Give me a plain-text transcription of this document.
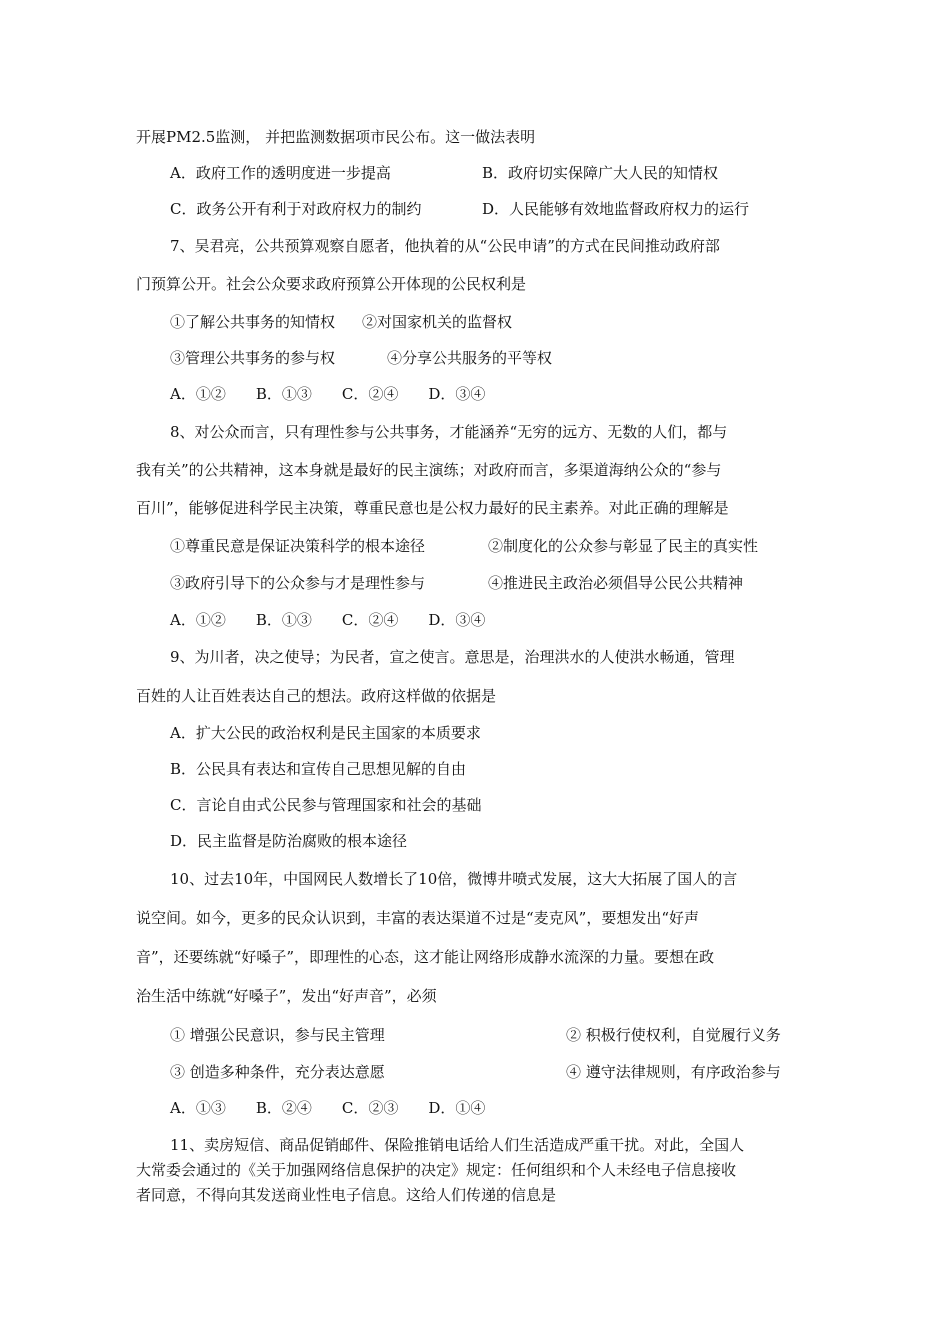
开展PM2.5监测， 并把监测数据项市民公布。这一做法表明
A．政府工作的透明度进一步提高	B．政府切实保障广大人民的知情权
C．政务公开有利于对政府权力的制约	D．人民能够有效地监督政府权力的运行
7、吴君亮，公共预算观察自愿者，他执着的从“公民申请”的方式在民间推动政府部
门预算公开。社会公众要求政府预算公开体现的公民权利是
①了解公共事务的知情权 ②对国家机关的监督权
③管理公共事务的参与权	④分享公共服务的平等权
A．①②　　B．①③　　C．②④　　D．③④
8、对公众而言，只有理性参与公共事务，才能涵养“无穷的远方、无数的人们，都与
我有关”的公共精神，这本身就是最好的民主演练；对政府而言，多渠道海纳公众的“参与
百川”，能够促进科学民主决策，尊重民意也是公权力最好的民主素养。对此正确的理解是
①尊重民意是保证决策科学的根本途径	②制度化的公众参与彰显了民主的真实性
③政府引导下的公众参与才是理性参与	④推进民主政治必须倡导公民公共精神
A．①②　　B．①③　　C．②④　　D．③④
9、为川者，决之使导；为民者，宣之使言。意思是，治理洪水的人使洪水畅通，管理
百姓的人让百姓表达自己的想法。政府这样做的依据是
A．扩大公民的政治权利是民主国家的本质要求
B．公民具有表达和宣传自己思想见解的自由
C．言论自由式公民参与管理国家和社会的基础
D．民主监督是防治腐败的根本途径
10、过去10年，中国网民人数增长了10倍，微博井喷式发展，这大大拓展了国人的言
说空间。如今，更多的民众认识到，丰富的表达渠道不过是“麦克风”，要想发出“好声
音”，还要练就“好嗓子”，即理性的心态，这才能让网络形成静水流深的力量。要想在政
治生活中练就“好嗓子”，发出“好声音”，必须
① 增强公民意识，参与民主管理	② 积极行使权利，自觉履行义务
③ 创造多种条件，充分表达意愿	④ 遵守法律规则，有序政治参与
A．①③　　B．②④　　C．②③　　D．①④
11、卖房短信、商品促销邮件、保险推销电话给人们生活造成严重干扰。对此，全国人
大常委会通过的《关于加强网络信息保护的决定》规定：任何组织和个人未经电子信息接收
者同意，不得向其发送商业性电子信息。这给人们传递的信息是
